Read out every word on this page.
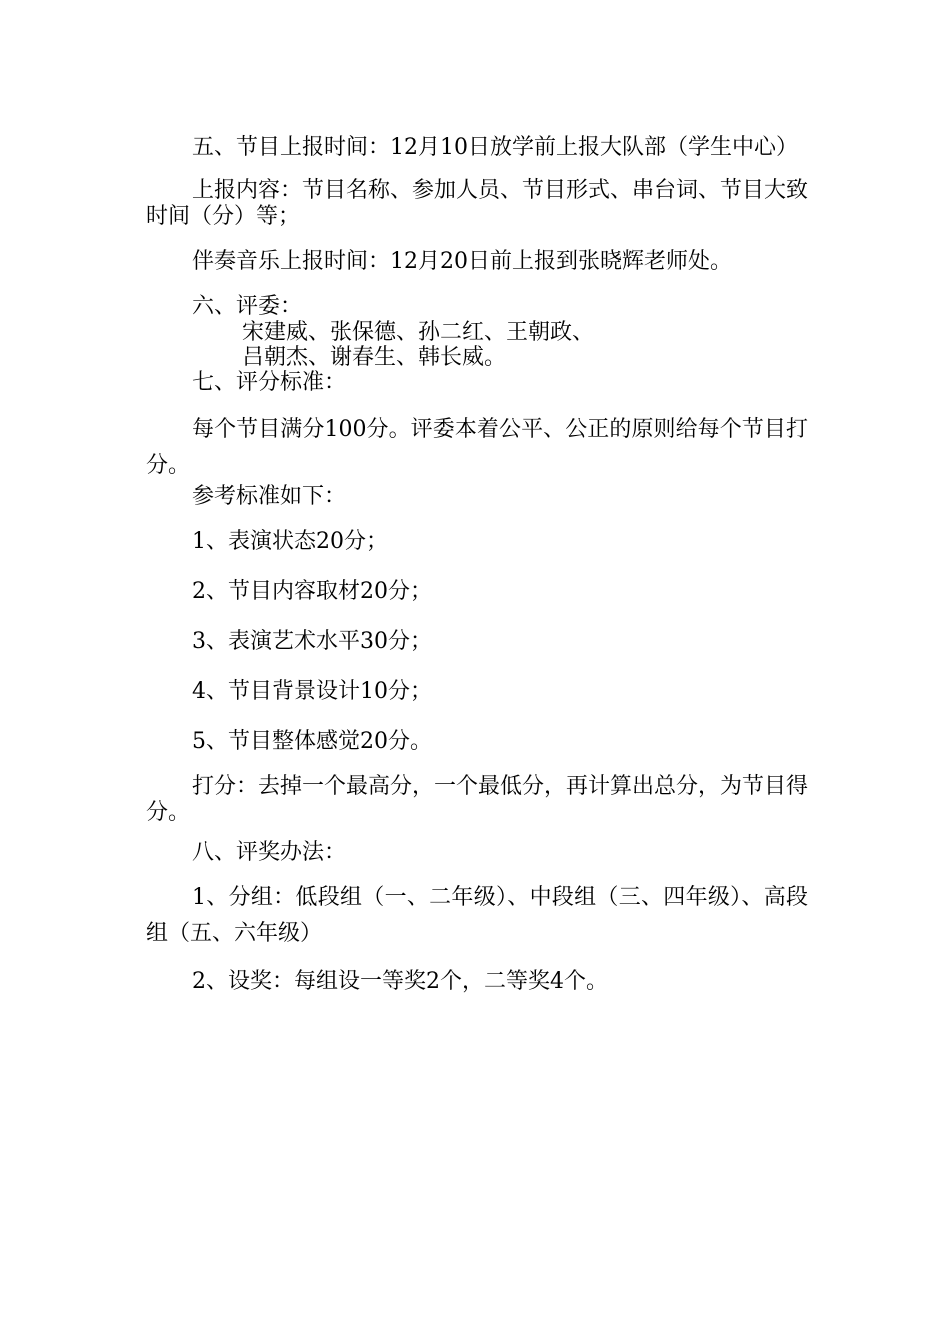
五、节目上报时间：12月10日放学前上报大队部（学生中心）

上报内容：节目名称、参加人员、节目形式、串台词、节目大致时间（分）等；

伴奏音乐上报时间：12月20日前上报到张晓辉老师处。

六、评委：

宋建威、张保德、孙二红、王朝政、
吕朝杰、谢春生、韩长威。

七、评分标准：

每个节目满分100分。评委本着公平、公正的原则给每个节目打分。

参考标准如下：

1、表演状态20分；

2、节目内容取材20分；

3、表演艺术水平30分；

4、节目背景设计10分；

5、节目整体感觉20分。

打分：去掉一个最高分，一个最低分，再计算出总分，为节目得分。

八、评奖办法：

1、分组：低段组（一、二年级）、中段组（三、四年级）、高段组（五、六年级）

2、设奖：每组设一等奖2个，二等奖4个。
